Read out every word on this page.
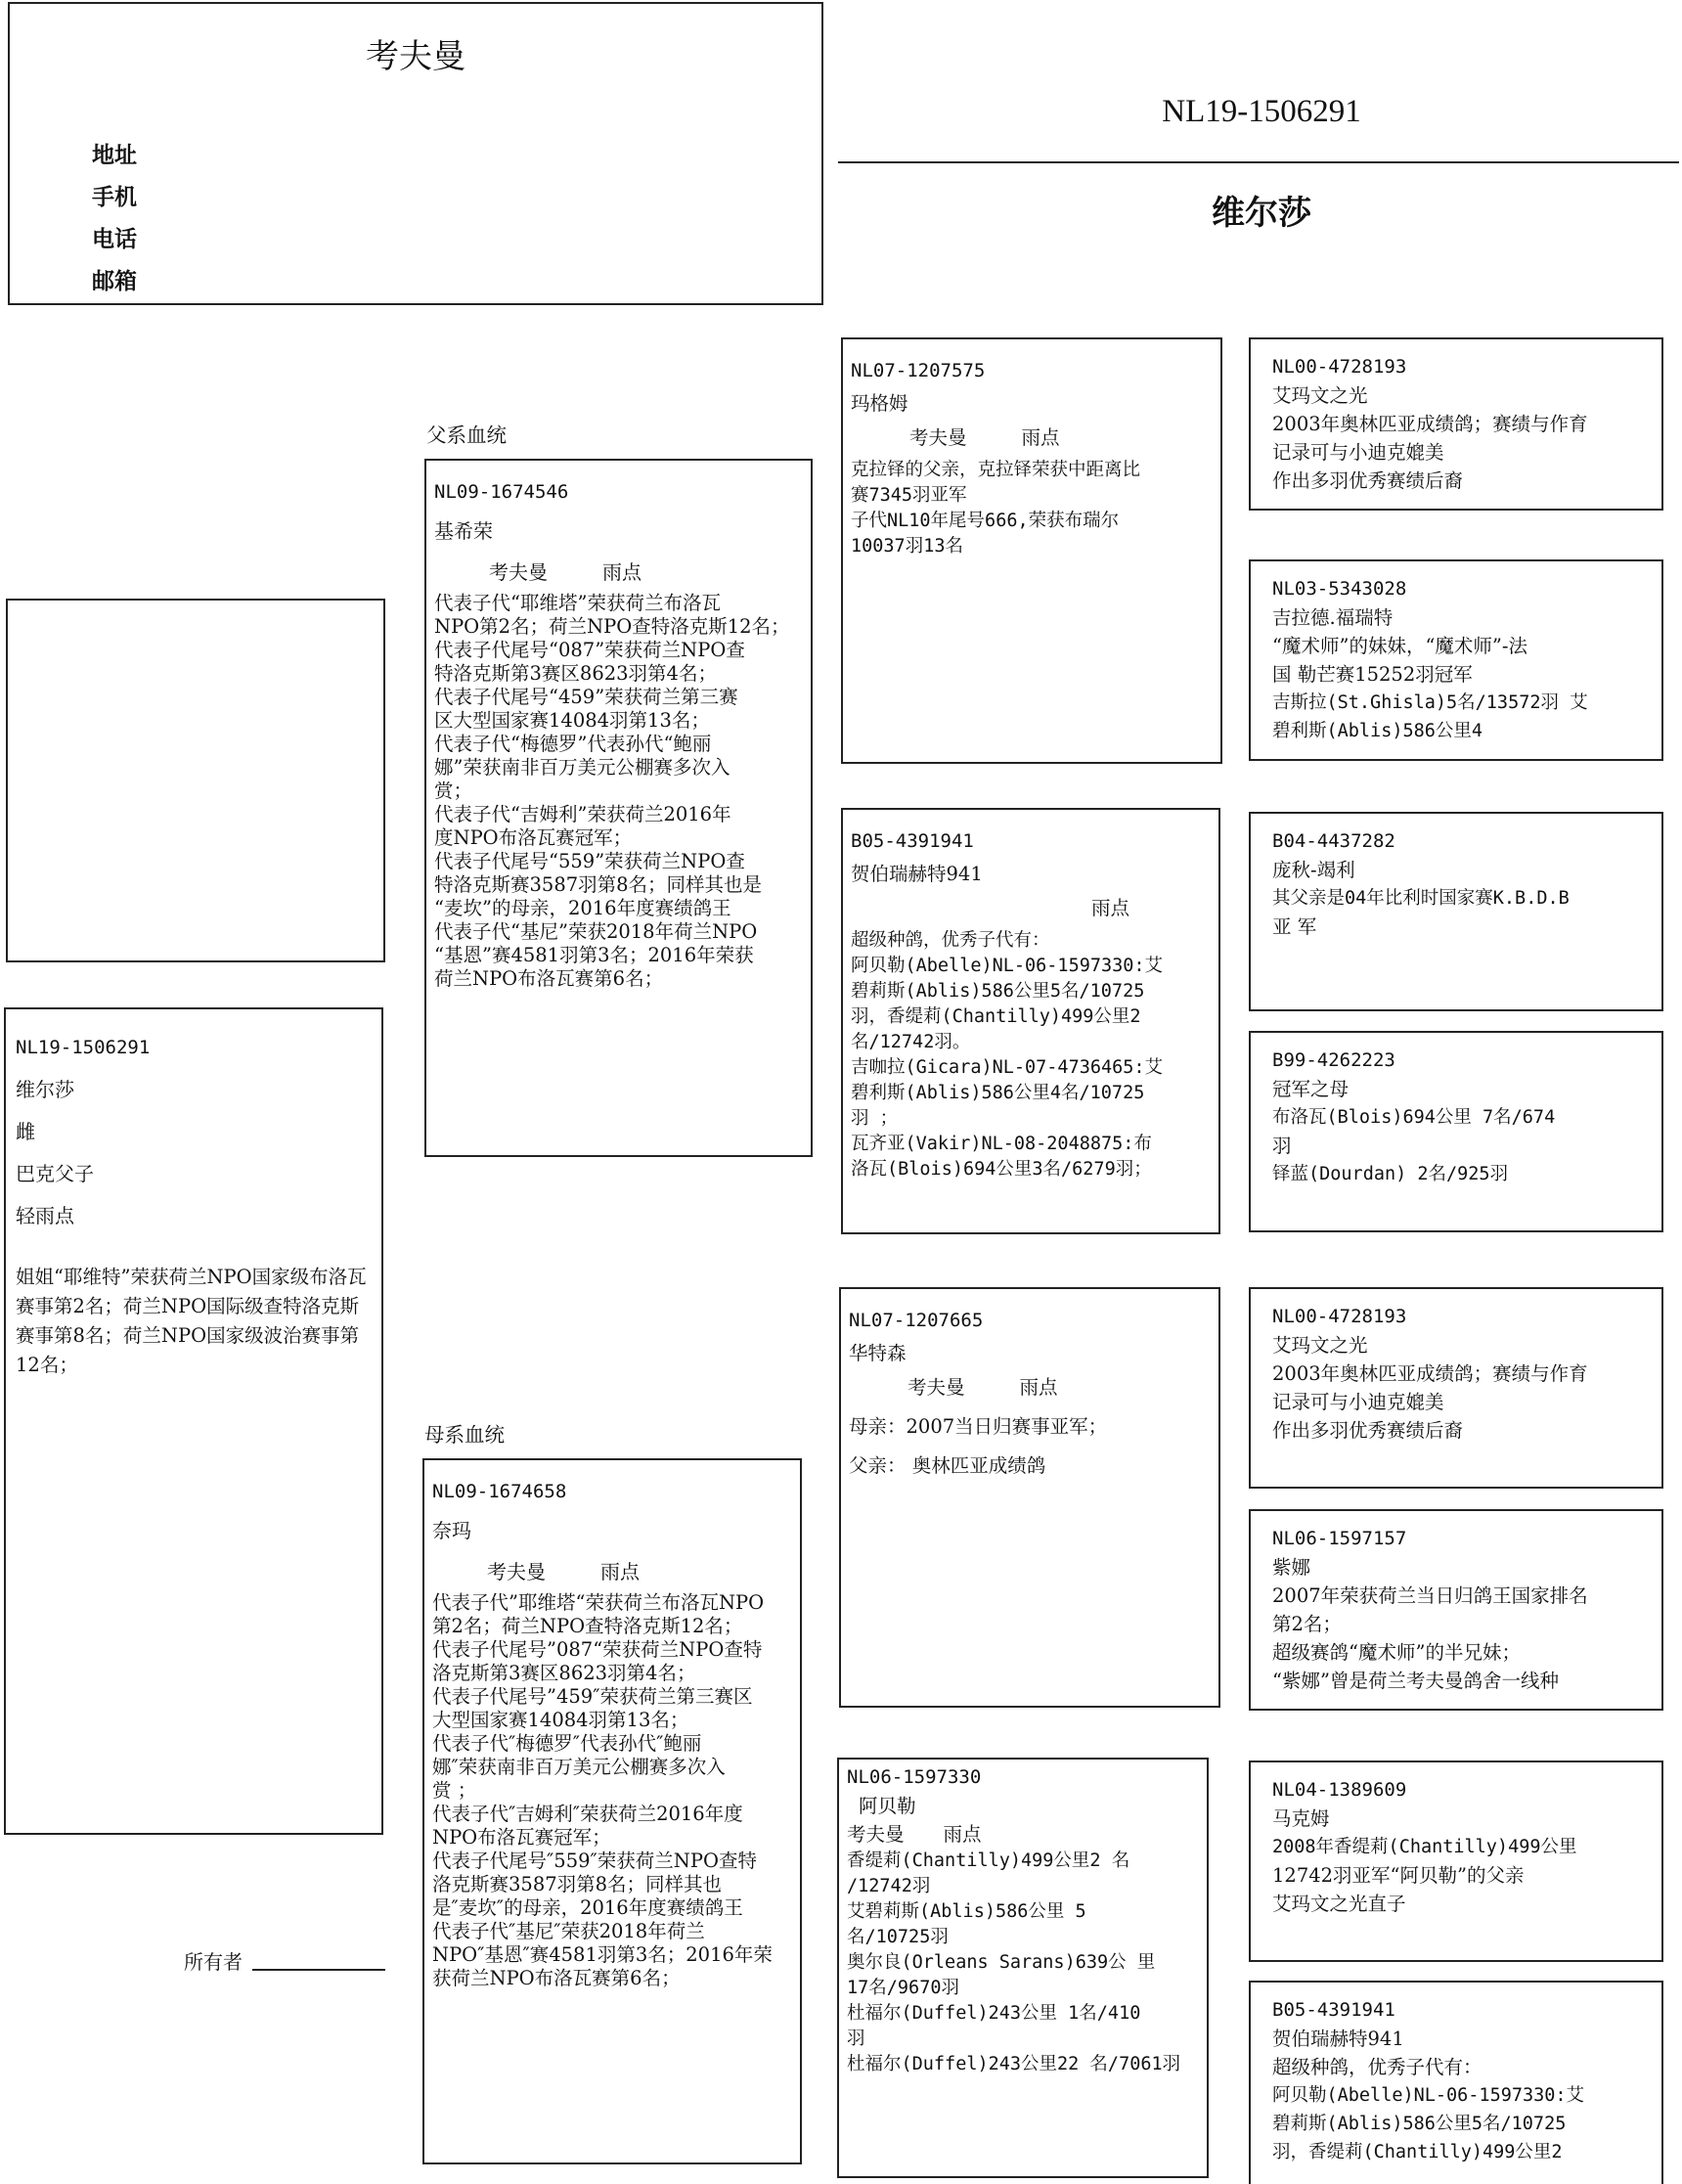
考夫曼
地址
手机
电话
邮箱
NL19-1506291
维尔莎
NL19-1506291
维尔莎
雌
巴克父子
轻雨点
姐姐“耶维特”荣获荷兰NPO国家级布洛瓦赛事第2名；荷兰NPO国际级查特洛克斯赛事第8名；荷兰NPO国家级波治赛事第12名；
所有者
父系血统
NL09-1674546
基希荣
考夫曼	雨点
代表子代“耶维塔”荣获荷兰布洛瓦
NPO第2名；荷兰NPO查特洛克斯12名；
代表子代尾号“087”荣获荷兰NPO查
特洛克斯第3赛区8623羽第4名；
代表子代尾号“459”荣获荷兰第三赛
区大型国家赛14084羽第13名；
代表子代“梅德罗”代表孙代“鲍丽
娜”荣获南非百万美元公棚赛多次入
赏；
代表子代“吉姆利”荣获荷兰2016年
度NPO布洛瓦赛冠军；
代表子代尾号“559”荣获荷兰NPO查
特洛克斯赛3587羽第8名；同样其也是
“麦坎”的母亲，2016年度赛绩鸽王
代表子代“基尼”荣获2018年荷兰NPO
“基恩”赛4581羽第3名；2016年荣获
荷兰NPO布洛瓦赛第6名；
母系血统
NL09-1674658
奈玛
考夫曼	雨点
代表子代”耶维塔“荣获荷兰布洛瓦NPO
第2名；荷兰NPO查特洛克斯12名；
代表子代尾号”087“荣获荷兰NPO查特
洛克斯第3赛区8623羽第4名；
代表子代尾号”459″荣获荷兰第三赛区
大型国家赛14084羽第13名；
代表子代″梅德罗″代表孙代″鲍丽
娜″荣获南非百万美元公棚赛多次入
赏 ；
代表子代″吉姆利″荣获荷兰2016年度
NPO布洛瓦赛冠军；
代表子代尾号″559″荣获荷兰NPO查特
洛克斯赛3587羽第8名；同样其也
是″麦坎″的母亲，2016年度赛绩鸽王
代表子代″基尼″荣获2018年荷兰
NPO″基恩″赛4581羽第3名；2016年荣
获荷兰NPO布洛瓦赛第6名；
NL07-1207575
玛格姆
考夫曼	雨点
克拉铎的父亲，克拉铎荣获中距离比
赛7345羽亚军
子代NL10年尾号666,荣获布瑞尔
10037羽13名
B05-4391941
贺伯瑞赫特941
雨点
超级种鸽，优秀子代有：
阿贝勒(Abelle)NL-06-1597330:艾
碧莉斯(Ablis)586公里5名/10725
羽，香缇莉(Chantilly)499公里2
名/12742羽。
吉咖拉(Gicara)NL-07-4736465:艾
碧利斯(Ablis)586公里4名/10725
羽 ；
瓦齐亚(Vakir)NL-08-2048875:布
洛瓦(Blois)694公里3名/6279羽；
NL07-1207665
华特森
考夫曼	雨点
母亲：2007当日归赛事亚军；
父亲： 奥林匹亚成绩鸽
NL06-1597330
阿贝勒
考夫曼 雨点
香缇莉(Chantilly)499公里2 名
/12742羽
艾碧莉斯(Ablis)586公里 5
名/10725羽
奥尔良(Orleans Sarans)639公 里
17名/9670羽
杜福尔(Duffel)243公里 1名/410
羽
杜福尔(Duffel)243公里22 名/7061羽
NL00-4728193
艾玛文之光
2003年奥林匹亚成绩鸽；赛绩与作育
记录可与小迪克媲美
作出多羽优秀赛绩后裔
NL03-5343028
吉拉德.福瑞特
“魔术师”的妹妹，“魔术师”-法
国 勒芒赛15252羽冠军
吉斯拉(St.Ghisla)5名/13572羽 艾
碧利斯(Ablis)586公里4
B04-4437282
庞秋-竭利
其父亲是04年比利时国家赛K.B.D.B
亚 军
B99-4262223
冠军之母
布洛瓦(Blois)694公里 7名/674
羽
铎蓝(Dourdan) 2名/925羽
NL00-4728193
艾玛文之光
2003年奥林匹亚成绩鸽；赛绩与作育
记录可与小迪克媲美
作出多羽优秀赛绩后裔
NL06-1597157
紫娜
2007年荣获荷兰当日归鸽王国家排名
第2名；
超级赛鸽“魔术师”的半兄妹；
“紫娜”曾是荷兰考夫曼鸽舍一线种
NL04-1389609
马克姆
2008年香缇莉(Chantilly)499公里
12742羽亚军“阿贝勒”的父亲
艾玛文之光直子
B05-4391941
贺伯瑞赫特941
超级种鸽，优秀子代有：
阿贝勒(Abelle)NL-06-1597330:艾
碧莉斯(Ablis)586公里5名/10725
羽，香缇莉(Chantilly)499公里2
